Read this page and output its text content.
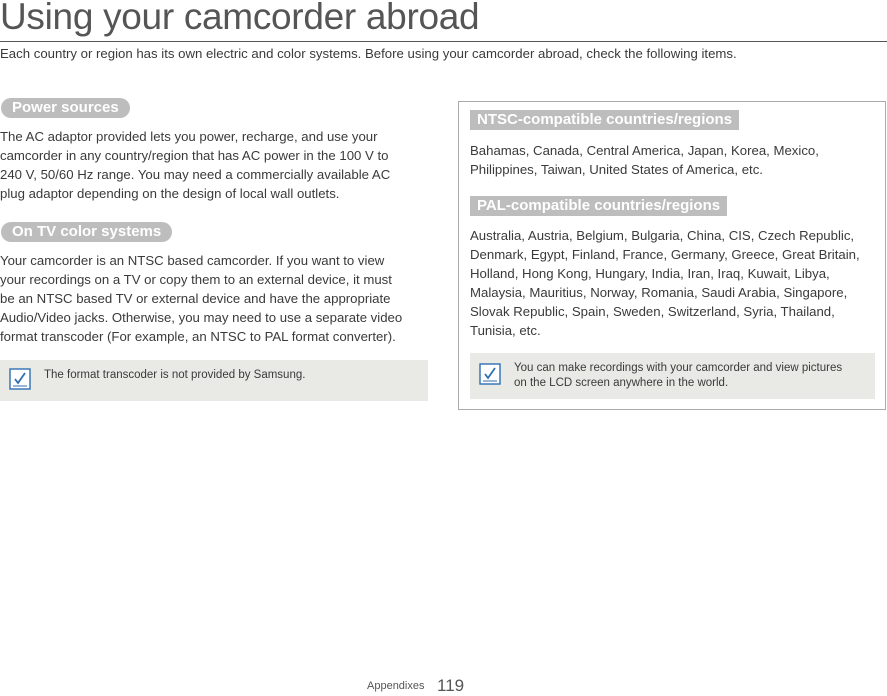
Using your camcorder abroad
Each country or region has its own electric and color systems. Before using your camcorder abroad, check the following items.
Power sources
The AC adaptor provided lets you power, recharge, and use your
camcorder in any country/region that has AC power in the 100 V to
240 V, 50/60 Hz range. You may need a commercially available AC
plug adaptor depending on the design of local wall outlets.
On TV color systems
Your camcorder is an NTSC based camcorder. If you want to view
your recordings on a TV or copy them to an external device, it must
be an NTSC based TV or external device and have the appropriate
Audio/Video jacks. Otherwise, you may need to use a separate video
format transcoder (For example, an NTSC to PAL format converter).
The format transcoder is not provided by Samsung.
NTSC-compatible countries/regions
Bahamas, Canada, Central America, Japan, Korea, Mexico,
Philippines, Taiwan, United States of America, etc.
PAL-compatible countries/regions
Australia, Austria, Belgium, Bulgaria, China, CIS, Czech Republic,
Denmark, Egypt, Finland, France, Germany, Greece, Great Britain,
Holland, Hong Kong, Hungary, India, Iran, Iraq, Kuwait, Libya,
Malaysia, Mauritius, Norway, Romania, Saudi Arabia, Singapore,
Slovak Republic, Spain, Sweden, Switzerland, Syria, Thailand,
Tunisia, etc.
You can make recordings with your camcorder and view pictures
on the LCD screen anywhere in the world.
Appendixes 119
